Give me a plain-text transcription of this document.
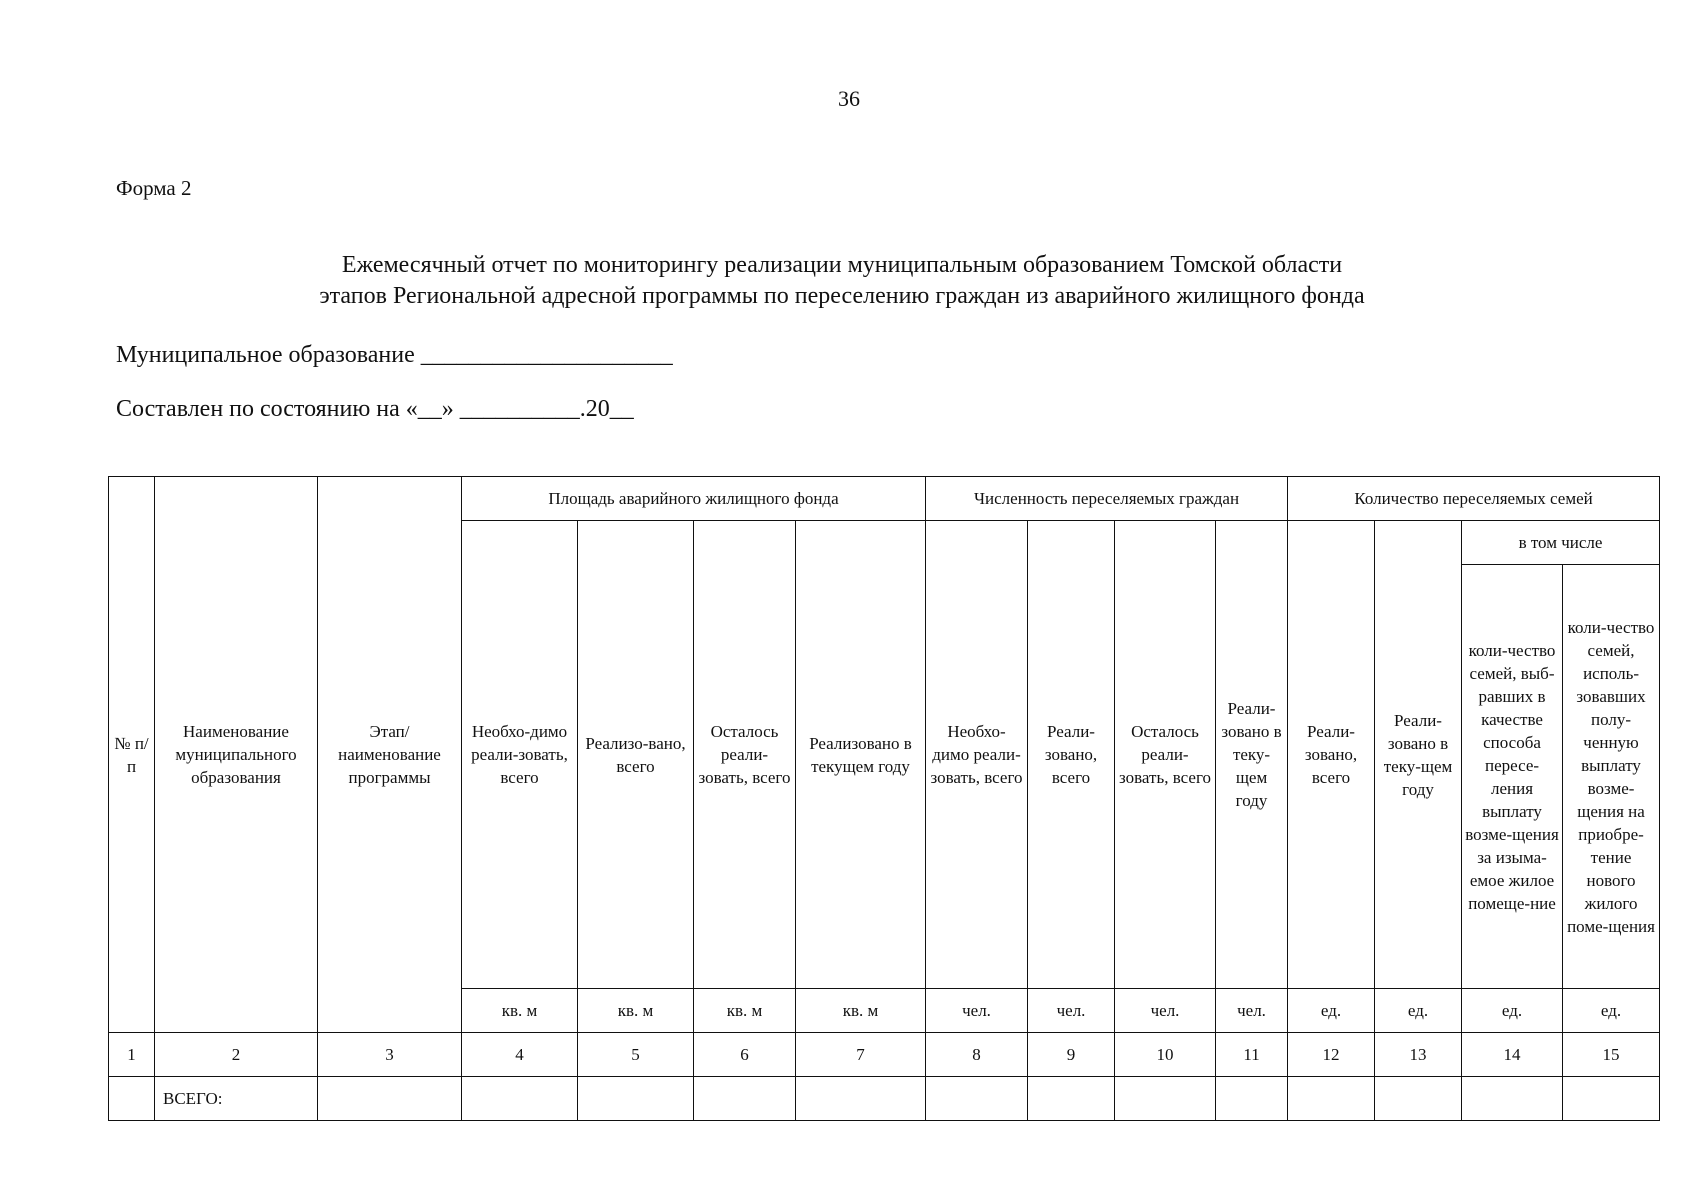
36
Форма 2
Ежемесячный отчет по мониторингу реализации муниципальным образованием Томской области
этапов Региональной адресной программы по переселению граждан из аварийного жилищного фонда
Муниципальное образование _____________________
Составлен по состоянию на «__» __________.20__
№ п/п	Наименование муниципального образования	Этап/ наименование программы	Площадь аварийного жилищного фонда				Численность переселяемых граждан				Количество переселяемых семей			
			Необхо-димо реали-зовать, всего	Реализо-вано, всего	Осталось реали-зовать, всего	Реализовано в текущем году	Необхо-димо реали-зовать, всего	Реали-зовано, всего	Осталось реали-зовать, всего	Реали-зовано в теку-щем году	Реали-зовано, всего	Реали-зовано в теку-щем году	в том числе	
													коли-чество семей, выб-равших в качестве способа пересе-ления выплату возме-щения за изыма-емое жилое помеще-ние	коли-чество семей, исполь-зовавших полу-ченную выплату возме-щения на приобре-тение нового жилого поме-щения
			кв. м	кв. м	кв. м	кв. м	чел.	чел.	чел.	чел.	ед.	ед.	ед.	ед.
1	2	3	4	5	6	7	8	9	10	11	12	13	14	15
	ВСЕГО:													
